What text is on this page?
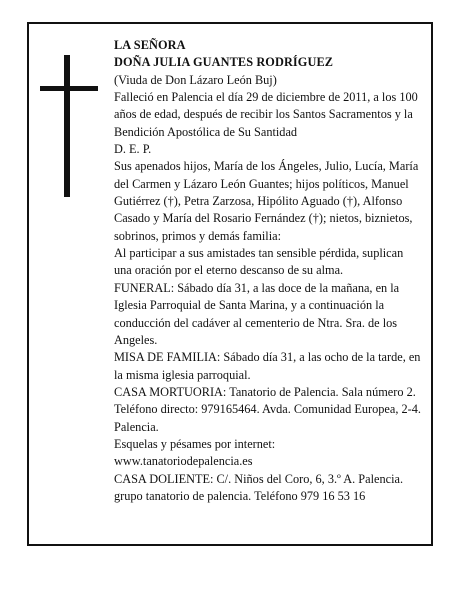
LA SEÑORA

DOÑA JULIA GUANTES RODRÍGUEZ

(Viuda de Don Lázaro León Buj)

Falleció en Palencia el día 29 de diciembre de 2011, a los 100 años de edad, después de recibir los Santos Sacramentos y la Bendición Apostólica de Su Santidad

D. E. P.

Sus apenados hijos, María de los Ángeles, Julio, Lucía, María del Carmen y Lázaro León Guantes; hijos políticos, Manuel Gutiérrez (†), Petra Zarzosa, Hipólito Aguado (†), Alfonso Casado y María del Rosario Fernández (†); nietos, biznietos, sobrinos, primos y demás familia:

Al participar a sus amistades tan sensible pérdida, suplican una oración por el eterno descanso de su alma.

FUNERAL: Sábado día 31, a las doce de la mañana, en la Iglesia Parroquial de Santa Marina, y a continuación la conducción del cadáver al cementerio de Ntra. Sra. de los Angeles.

MISA DE FAMILIA: Sábado día 31, a las ocho de la tarde, en la misma iglesia parroquial.

CASA MORTUORIA: Tanatorio de Palencia. Sala número 2. Teléfono directo: 979165464. Avda. Comunidad Europea, 2-4. Palencia.

Esquelas y pésames por internet:

www.tanatoriodepalencia.es

CASA DOLIENTE: C/. Niños del Coro, 6, 3.º A. Palencia.

grupo tanatorio de palencia. Teléfono 979 16 53 16
